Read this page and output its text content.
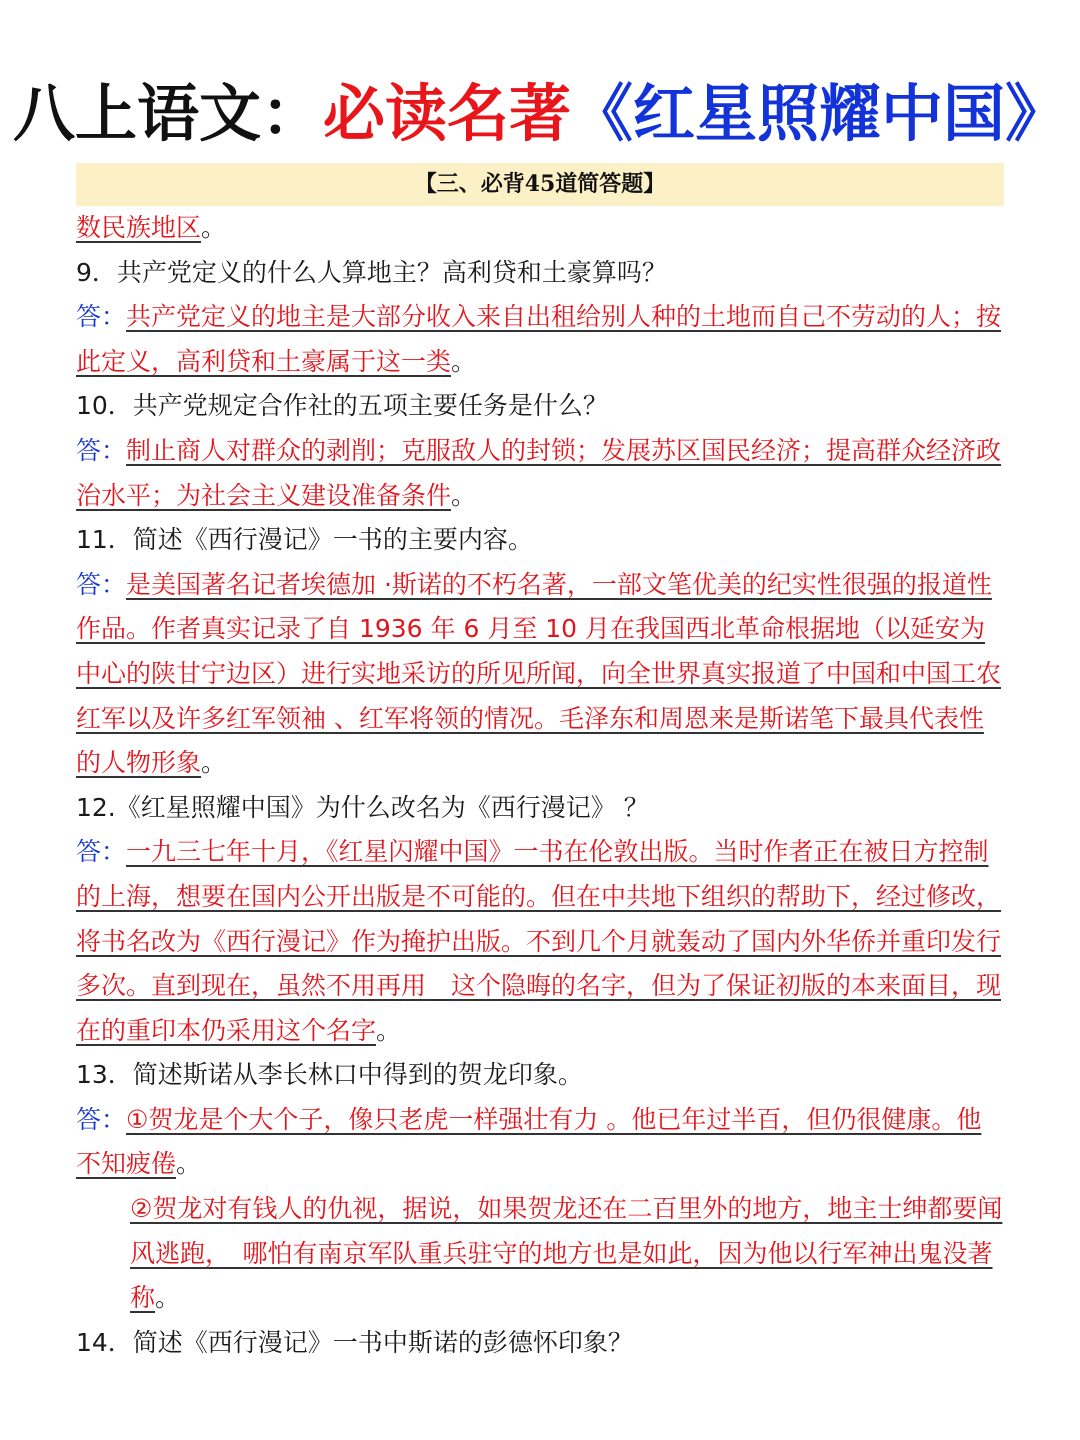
八上语文：必读名著《红星照耀中国》
【三、必背45道简答题】

数民族地区。

9．共产党定义的什么人算地主？高利贷和土豪算吗？

答：共产党定义的地主是大部分收入来自出租给别人种的土地而自己不劳动的人；按此定义，高利贷和土豪属于这一类。

10．共产党规定合作社的五项主要任务是什么？

答：制止商人对群众的剥削；克服敌人的封锁；发展苏区国民经济；提高群众经济政治水平；为社会主义建设准备条件。

11．简述《西行漫记》一书的主要内容。

答：是美国著名记者埃德加 ·斯诺的不朽名著，一部文笔优美的纪实性很强的报道性作品。作者真实记录了自 1936 年 6 月至 10 月在我国西北革命根据地（以延安为中心的陕甘宁边区）进行实地采访的所见所闻，向全世界真实报道了中国和中国工农红军以及许多红军领袖 、红军将领的情况。毛泽东和周恩来是斯诺笔下最具代表性的人物形象。

12.《红星照耀中国》为什么改名为《西行漫记》 ？

答：一九三七年十月，《红星闪耀中国》一书在伦敦出版。当时作者正在被日方控制的上海，想要在国内公开出版是不可能的。但在中共地下组织的帮助下，经过修改，将书名改为《西行漫记》作为掩护出版。不到几个月就轰动了国内外华侨并重印发行多次。直到现在，虽然不用再用　这个隐晦的名字，但为了保证初版的本来面目，现在的重印本仍采用这个名字。

13．简述斯诺从李长林口中得到的贺龙印象。

答：①贺龙是个大个子，像只老虎一样强壮有力 。他已年过半百，但仍很健康。他不知疲倦。

②贺龙对有钱人的仇视，据说，如果贺龙还在二百里外的地方，地主士绅都要闻风逃跑，　哪怕有南京军队重兵驻守的地方也是如此，因为他以行军神出鬼没著称。

14．简述《西行漫记》一书中斯诺的彭德怀印象？
